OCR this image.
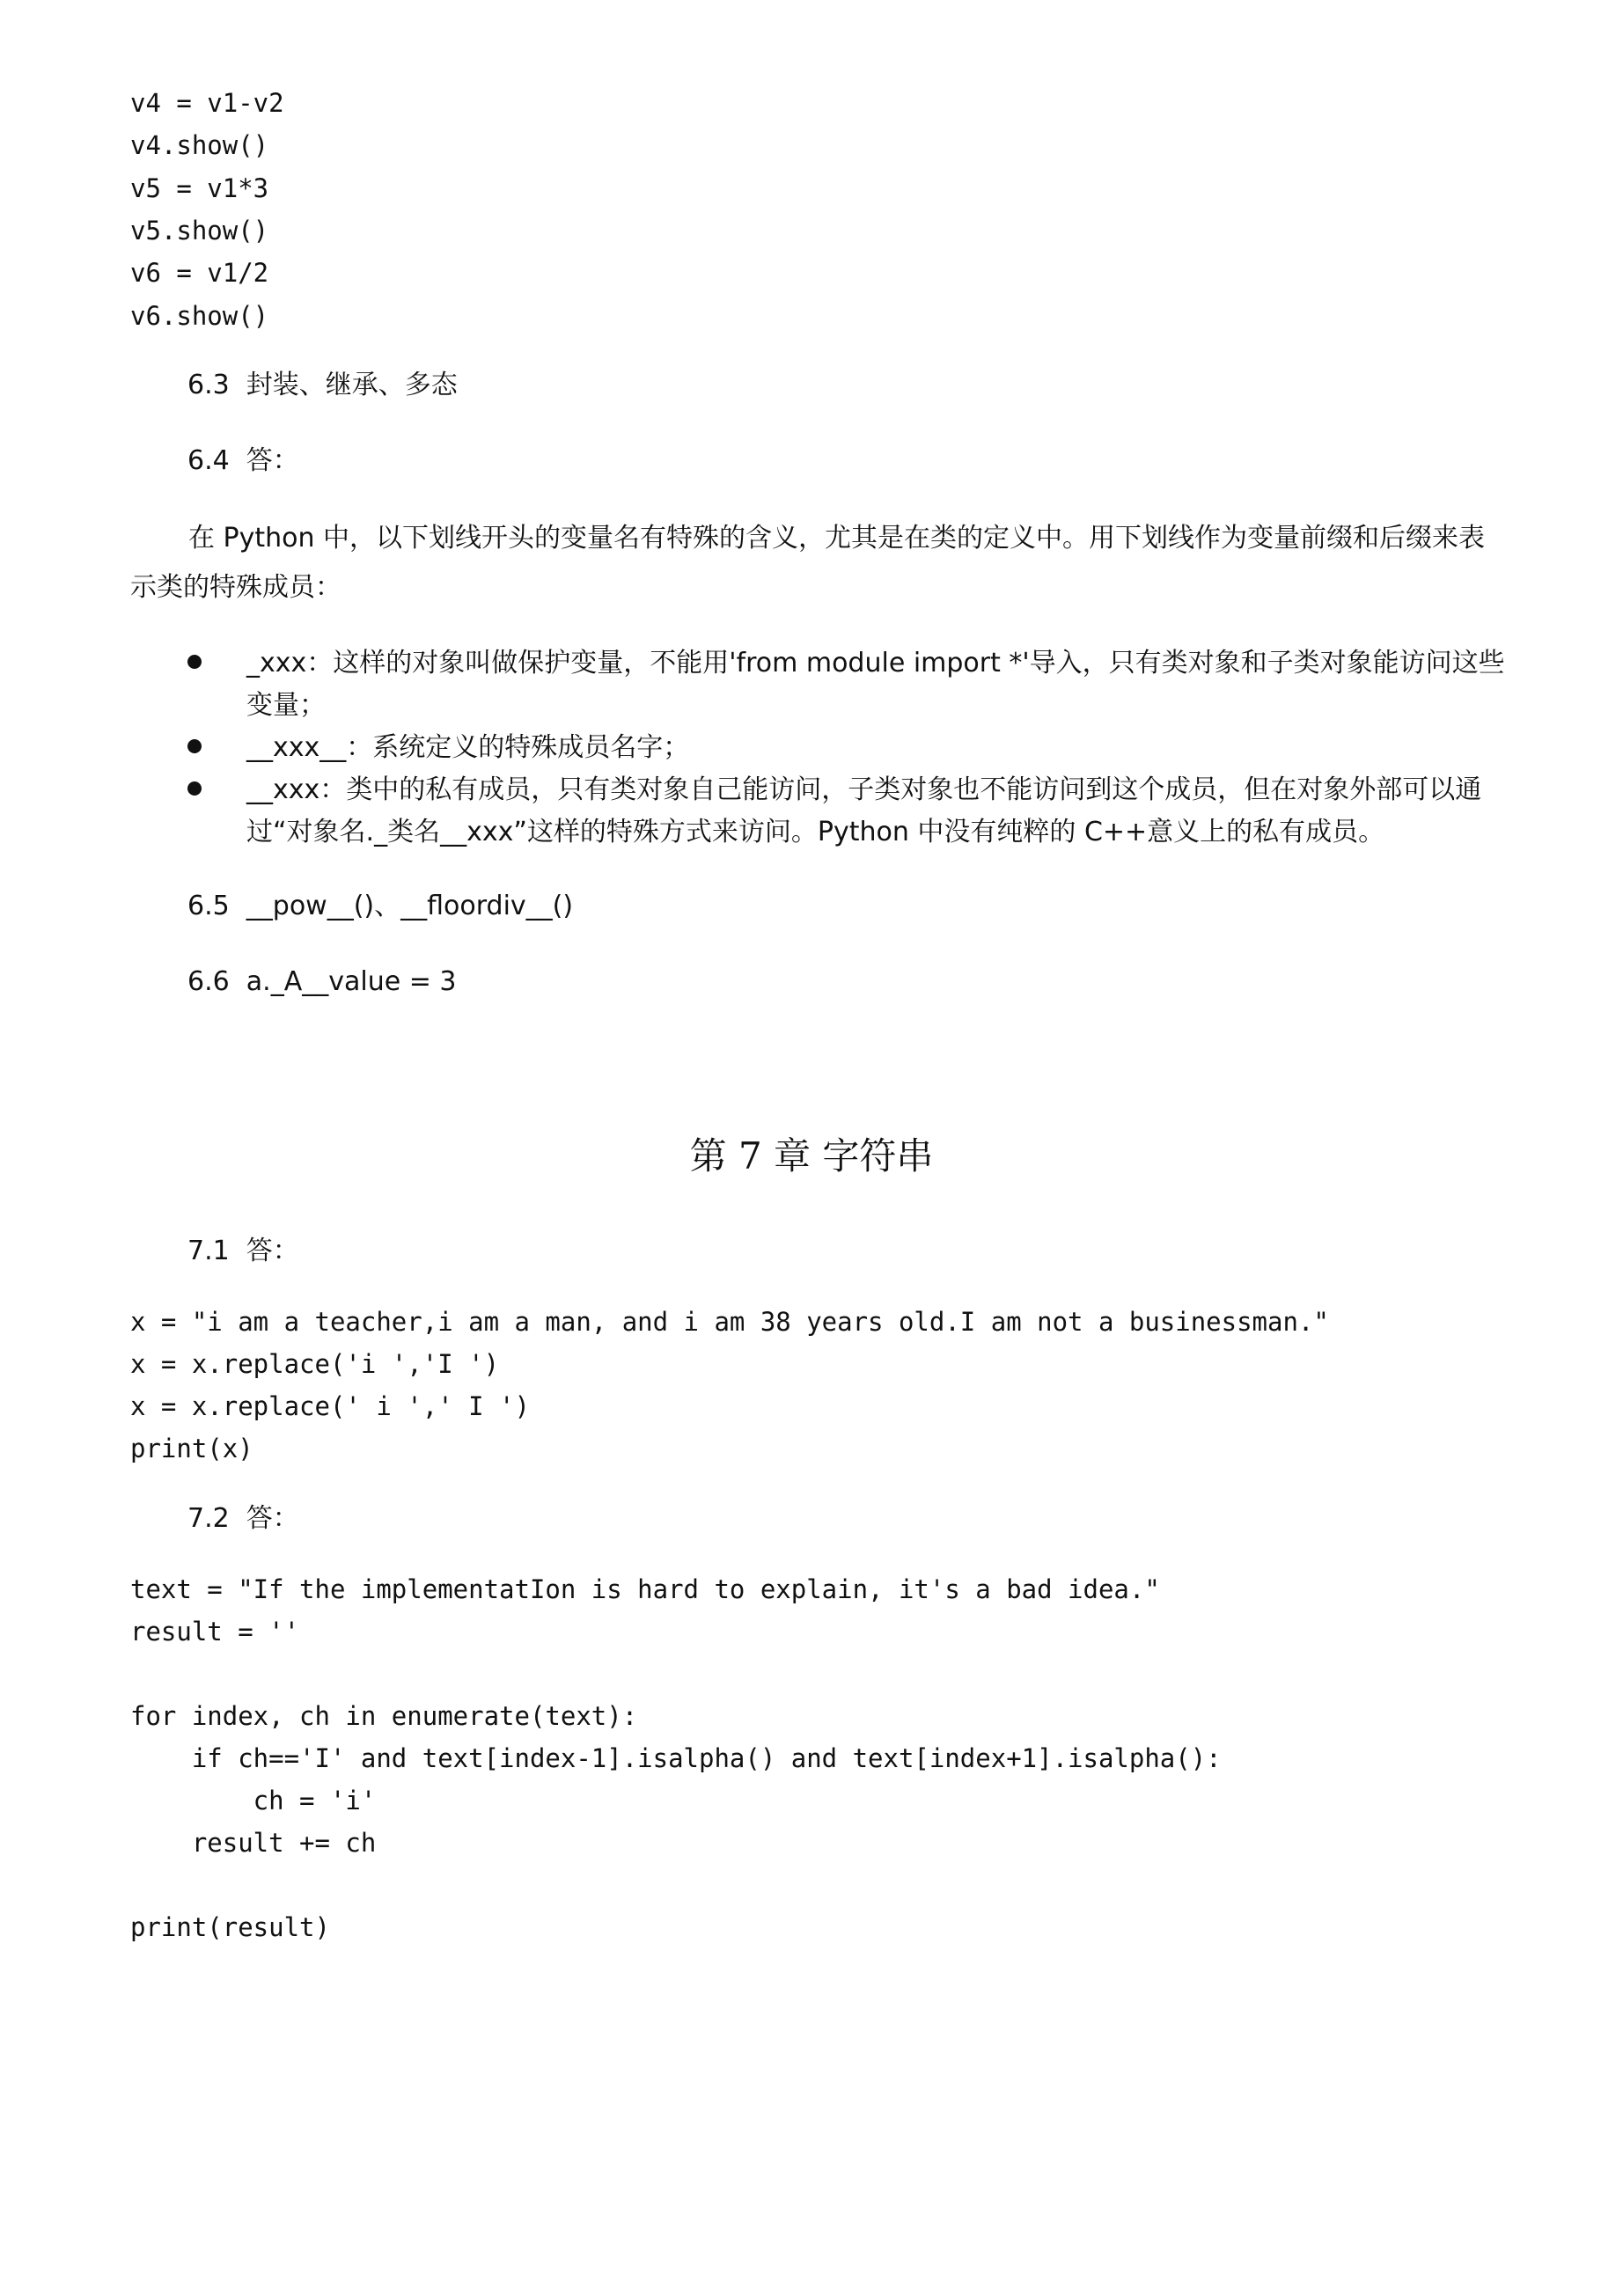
v4 = v1-v2
v4.show()
v5 = v1*3
v5.show()
v6 = v1/2
v6.show()
6.3  封装、继承、多态
6.4  答：
在 Python 中，以下划线开头的变量名有特殊的含义，尤其是在类的定义中。用下划线作为变量前缀和后缀来表示类的特殊成员：
_xxx：这样的对象叫做保护变量，不能用'from module import *'导入，只有类对象和子类对象能访问这些变量；
__xxx__：系统定义的特殊成员名字；
__xxx：类中的私有成员，只有类对象自己能访问，子类对象也不能访问到这个成员，但在对象外部可以通过“对象名._类名__xxx”这样的特殊方式来访问。Python 中没有纯粹的 C++意义上的私有成员。
6.5  __pow__()、__floordiv__()
6.6  a._A__value = 3
第 7 章 字符串
7.1  答：
x = "i am a teacher,i am a man, and i am 38 years old.I am not a businessman."
x = x.replace('i ','I ')
x = x.replace(' i ',' I ')
print(x)
7.2  答：
text = "If the implementatIon is hard to explain, it's a bad idea."
result = ''
for index, ch in enumerate(text):
if ch=='I' and text[index-1].isalpha() and text[index+1].isalpha():
ch = 'i'
result += ch
print(result)
